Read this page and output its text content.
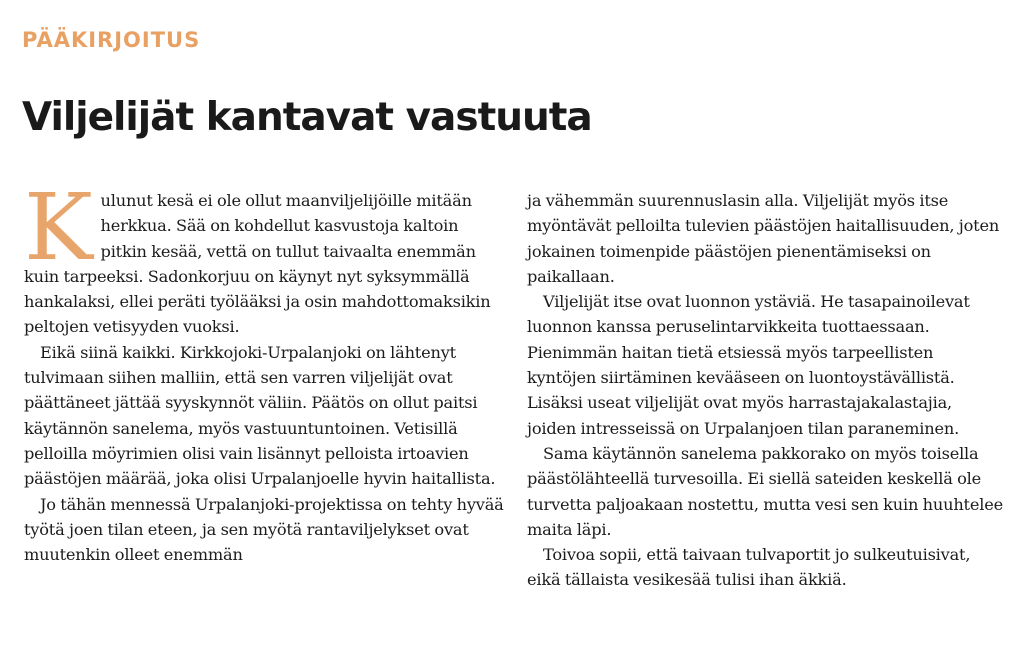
PÄÄKIRJOITUS
Viljelijät kantavat vastuuta

Kulunut kesä ei ole ollut maanviljelijöille mitään herkkua. Sää on kohdellut kasvustoja kaltoin pitkin kesää, vettä on tullut taivaalta enemmän kuin tarpeeksi. Sadonkorjuu on käynyt nyt syksymmällä hankalaksi, ellei peräti työlääksi ja osin mahdottomaksikin peltojen vetisyyden vuoksi.

Eikä siinä kaikki. Kirkkojoki-Urpalanjoki on lähtenyt tulvimaan siihen malliin, että sen varren viljelijät ovat päättäneet jättää syyskynnöt väliin. Päätös on ollut paitsi käytännön sanelema, myös vastuuntuntoinen. Vetisillä pelloilla möyrimien olisi vain lisännyt pelloista irtoavien päästöjen määrää, joka olisi Urpalanjoelle hyvin haitallista.

Jo tähän mennessä Urpalanjoki-projektissa on tehty hyvää työtä joen tilan eteen, ja sen myötä rantaviljelykset ovat muutenkin olleet enemmän

ja vähemmän suurennuslasin alla. Viljelijät myös itse myöntävät pelloilta tulevien päästöjen haitallisuuden, joten jokainen toimenpide päästöjen pienentämiseksi on paikallaan.

Viljelijät itse ovat luonnon ystäviä. He tasapainoilevat luonnon kanssa peruselintarvikkeita tuottaessaan. Pienimmän haitan tietä etsiessä myös tarpeellisten kyntöjen siirtäminen kevääseen on luontoystävällistä. Lisäksi useat viljelijät ovat myös harrastajakalastajia, joiden intresseissä on Urpalanjoen tilan paraneminen.

Sama käytännön sanelema pakkorako on myös toisella päästölähteellä turvesoilla. Ei siellä sateiden keskellä ole turvetta paljoakaan nostettu, mutta vesi sen kuin huuhtelee maita läpi.

Toivoa sopii, että taivaan tulvaportit jo sulkeutuisivat, eikä tällaista vesikesää tulisi ihan äkkiä.
